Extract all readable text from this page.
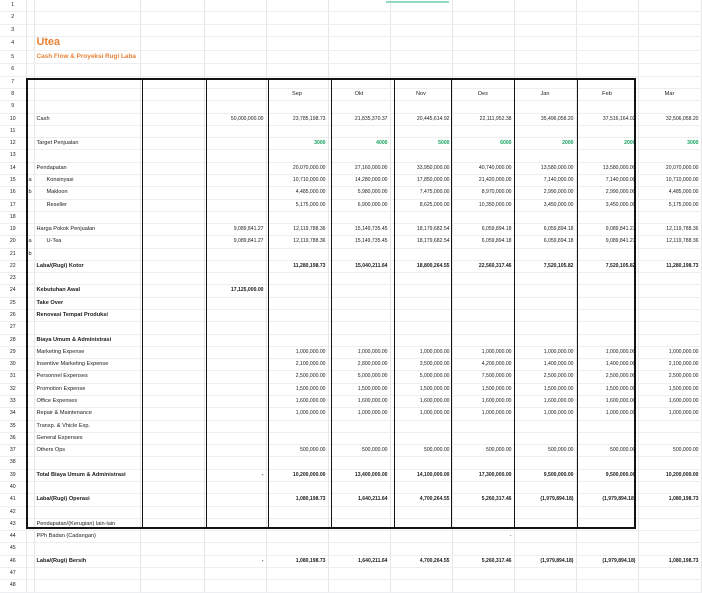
1											
2											
3											
4		Utea									
5		Cash Flow & Proyeksi Rugi Laba									
6											
7											
8					Sep	Okt	Nov	Des	Jan	Feb	Mar
9											
10		Cash		50,000,000.00	23,785,198.73	21,835,370.37	20,445,614.92	22,111,952.38	35,496,058.20	37,516,164.02	32,506,058.20
11											
12		Target Penjualan			3000	4000	5000	6000	2000	2000	3000
13											
14		Pendapatan			20,070,000.00	27,160,000.00	33,950,000.00	40,740,000.00	13,580,000.00	13,580,000.00	20,070,000.00
15	a	Konsinyasi			10,710,000.00	14,280,000.00	17,850,000.00	21,420,000.00	7,140,000.00	7,140,000.00	10,710,000.00
16	b	Makloon			4,485,000.00	5,980,000.00	7,475,000.00	8,970,000.00	2,990,000.00	2,990,000.00	4,485,000.00
17		Reseller			5,175,000.00	6,900,000.00	8,625,000.00	10,350,000.00	3,450,000.00	3,450,000.00	5,175,000.00
18											
19		Harga Pokok Penjualan		9,089,841.27	12,119,788.36	15,149,735.45	18,179,682.54	6,059,894.18	6,059,894.18	9,089,841.27	12,119,788.36
20	a	U-Tea		9,089,841.27	12,119,788.36	15,149,735.45	18,179,682.54	6,059,894.18	6,059,894.18	9,089,841.27	12,119,788.36
21	b										
22		Laba/(Rugi) Kotor			11,280,198.73	15,040,211.64	18,800,264.55	22,560,317.46	7,520,105.82	7,520,105.82	11,280,198.73
23											
24		Kebutuhan Awal		17,125,000.00							
25		Take Over									
26		Renovasi Tempat Produksi									
27											
28		Biaya Umum & Administrasi									
29		Marketing Expense			1,000,000.00	1,000,000.00	1,000,000.00	1,000,000.00	1,000,000.00	1,000,000.00	1,000,000.00
30		Insentive Marketing Expense			2,100,000.00	2,800,000.00	3,500,000.00	4,200,000.00	1,400,000.00	1,400,000.00	2,100,000.00
31		Personnel Expenses			2,500,000.00	5,000,000.00	5,000,000.00	7,500,000.00	2,500,000.00	2,500,000.00	2,500,000.00
32		Promotion Expense			1,500,000.00	1,500,000.00	1,500,000.00	1,500,000.00	1,500,000.00	1,500,000.00	1,500,000.00
33		Office Expenses			1,600,000.00	1,600,000.00	1,600,000.00	1,600,000.00	1,600,000.00	1,600,000.00	1,600,000.00
34		Repair & Maintenance			1,000,000.00	1,000,000.00	1,000,000.00	1,000,000.00	1,000,000.00	1,000,000.00	1,000,000.00
35		Transp. & Vhicle Exp.									
36		General Expenses									
37		Others Ops			500,000.00	500,000.00	500,000.00	500,000.00	500,000.00	500,000.00	500,000.00
38											
39		Total Biaya Umum & Administrasi		-	10,200,000.00	13,400,000.00	14,100,000.00	17,300,000.00	9,500,000.00	9,500,000.00	10,200,000.00
40											
41		Laba/(Rugi) Operasi			1,080,198.73	1,640,211.64	4,700,264.55	5,260,317.46	(1,979,894.18)	(1,979,894.18)	1,080,198.73
42											
43		Pendapatan/(Kerugian) lain-lain									
44		PPh Badan (Cadangan)						-			
45											
46		Laba/(Rugi) Bersih		-	1,080,198.73	1,640,211.64	4,700,264.55	5,260,317.46	(1,979,894.18)	(1,979,894.18)	1,080,198.73
47											
48											
